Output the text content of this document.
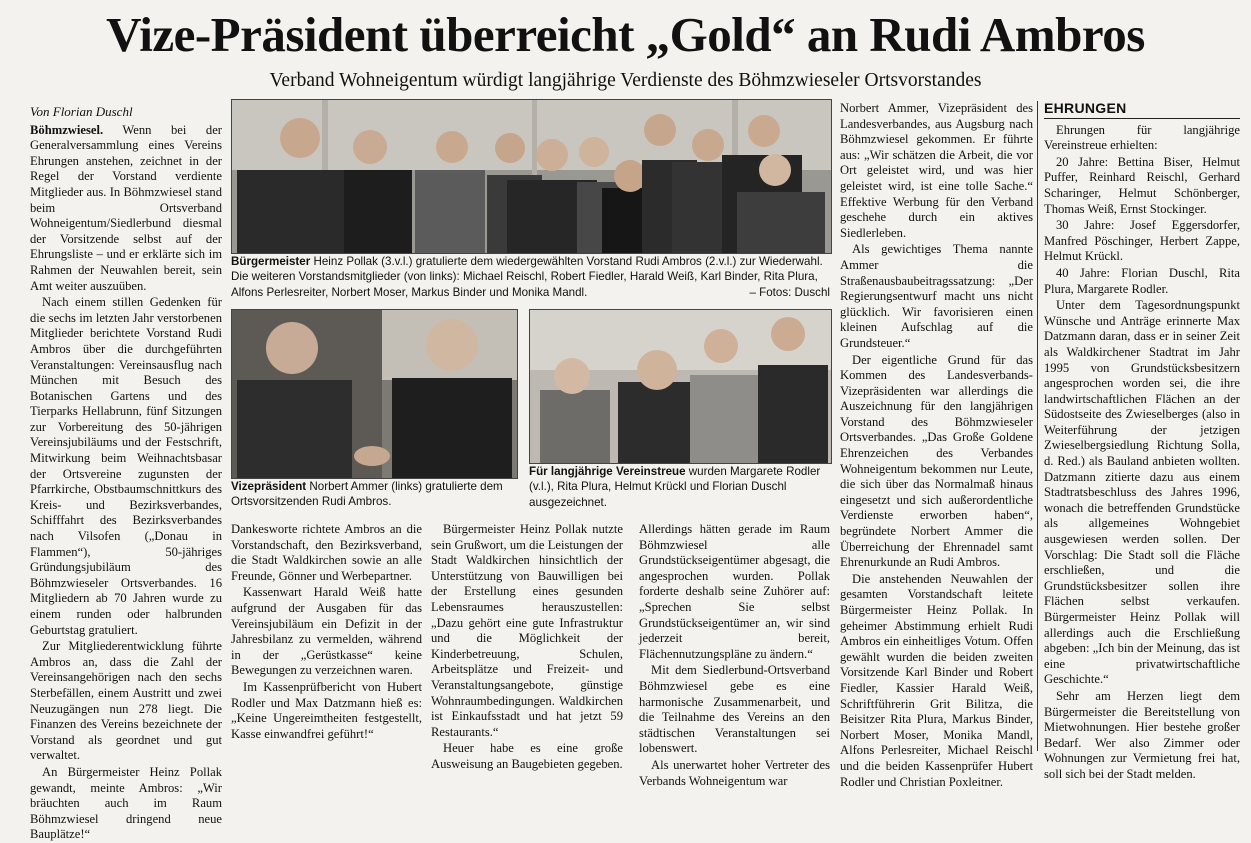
Vize-Präsident überreicht „Gold“ an Rudi Ambros
Verband Wohneigentum würdigt langjährige Verdienste des Böhmzwieseler Ortsvorstandes

Von Florian Duschl

Böhmzwiesel. Wenn bei der Generalversammlung eines Vereins Ehrungen anstehen, zeichnet in der Regel der Vorstand verdiente Mitglieder aus. In Böhmzwiesel stand beim Ortsverband Wohneigentum/Siedlerbund diesmal der Vorsitzende selbst auf der Ehrungsliste – und er erklärte sich im Rahmen der Neuwahlen bereit, sein Amt weiter auszuüben.

Nach einem stillen Gedenken für die sechs im letzten Jahr verstorbenen Mitglieder berichtete Vorstand Rudi Ambros über die durchgeführten Veranstaltungen: Vereinsausflug nach München mit Besuch des Botanischen Gartens und des Tierparks Hellabrunn, fünf Sitzungen zur Vorbereitung des 50-jährigen Vereinsjubiläums und der Festschrift, Mitwirkung beim Weihnachtsbasar der Ortsvereine zugunsten der Pfarrkirche, Obstbaumschnittkurs des Kreis- und Bezirksverbandes, Schifffahrt des Bezirksverbandes nach Vilsofen („Donau in Flammen“), 50-jähriges Gründungsjubiläum des Böhmzwieseler Ortsverbandes. 16 Mitgliedern ab 70 Jahren wurde zu einem runden oder halbrunden Geburtstag gratuliert.

Zur Mitgliederentwicklung führte Ambros an, dass die Zahl der Vereinsangehörigen nach den sechs Sterbefällen, einem Austritt und zwei Neuzugängen nun 278 liegt. Die Finanzen des Vereins bezeichnete der Vorstand als geordnet und gut verwaltet.

An Bürgermeister Heinz Pollak gewandt, meinte Ambros: „Wir bräuchten auch im Raum Böhmzwiesel dringend neue Bauplätze!“

Bürgermeister Heinz Pollak (3.v.l.) gratulierte dem wiedergewählten Vorstand Rudi Ambros (2.v.l.) zur Wiederwahl. Die weiteren Vorstandsmitglieder (von links): Michael Reischl, Robert Fiedler, Harald Weiß, Karl Binder, Rita Plura, Alfons Perlesreiter, Norbert Moser, Markus Binder und Monika Mandl.	– Fotos: Duschl
Vizepräsident Norbert Ammer (links) gratulierte dem Ortsvorsitzenden Rudi Ambros.
Für langjährige Vereinstreue wurden Margarete Rodler (v.l.), Rita Plura, Helmut Krückl und Florian Duschl ausgezeichnet.

Dankesworte richtete Ambros an die Vorstandschaft, den Bezirksverband, die Stadt Waldkirchen sowie an alle Freunde, Gönner und Werbepartner.

Kassenwart Harald Weiß hatte aufgrund der Ausgaben für das Vereinsjubiläum ein Defizit in der Jahresbilanz zu vermelden, während in der „Gerüstkasse“ keine Bewegungen zu verzeichnen waren.

Im Kassenprüfbericht von Hubert Rodler und Max Datzmann hieß es: „Keine Ungereimtheiten festgestellt, Kasse einwandfrei geführt!“

Bürgermeister Heinz Pollak nutzte sein Grußwort, um die Leistungen der Stadt Waldkirchen hinsichtlich der Unterstützung von Bauwilligen bei der Erstellung eines gesunden Lebensraumes herauszustellen: „Dazu gehört eine gute Infrastruktur und die Möglichkeit der Kinderbetreuung, Schulen, Arbeitsplätze und Freizeit- und Veranstaltungsangebote, günstige Wohnraumbedingungen. Waldkirchen ist Einkaufsstadt und hat jetzt 59 Restaurants.“

Heuer habe es eine große Ausweisung an Baugebieten gegeben.

Allerdings hätten gerade im Raum Böhmzwiesel alle Grundstückseigentümer abgesagt, die angesprochen wurden. Pollak forderte deshalb seine Zuhörer auf: „Sprechen Sie selbst Grundstückseigentümer an, wir sind jederzeit bereit, Flächennutzungspläne zu ändern.“

Mit dem Siedlerbund-Ortsverband Böhmzwiesel gebe es eine harmonische Zusammenarbeit, und die Teilnahme des Vereins an den städtischen Veranstaltungen sei lobenswert.

Als unerwartet hoher Vertreter des Verbands Wohneigentum war

Norbert Ammer, Vizepräsident des Landesverbandes, aus Augsburg nach Böhmzwiesel gekommen. Er führte aus: „Wir schätzen die Arbeit, die vor Ort geleistet wird, und was hier geleistet wird, ist eine tolle Sache.“ Effektive Werbung für den Verband geschehe durch ein aktives Siedlerleben.

Als gewichtiges Thema nannte Ammer die Straßenausbaubeitragssatzung: „Der Regierungsentwurf macht uns nicht glücklich. Wir favorisieren einen kleinen Aufschlag auf die Grundsteuer.“

Der eigentliche Grund für das Kommen des Landesverbands-Vizepräsidenten war allerdings die Auszeichnung für den langjährigen Vorstand des Böhmzwieseler Ortsverbandes. „Das Große Goldene Ehrenzeichen des Verbandes Wohneigentum bekommen nur Leute, die sich über das Normalmaß hinaus eingesetzt und sich außerordentliche Verdienste erworben haben“, begründete Norbert Ammer die Überreichung der Ehrennadel samt Ehrenurkunde an Rudi Ambros.

Die anstehenden Neuwahlen der gesamten Vorstandschaft leitete Bürgermeister Heinz Pollak. In geheimer Abstimmung erhielt Rudi Ambros ein einheitliges Votum. Offen gewählt wurden die beiden zweiten Vorsitzende Karl Binder und Robert Fiedler, Kassier Harald Weiß, Schriftführerin Grit Bilitza, die Beisitzer Rita Plura, Markus Binder, Norbert Moser, Monika Mandl, Alfons Perlesreiter, Michael Reischl und die beiden Kassenprüfer Hubert Rodler und Christian Poxleitner.

EHRUNGEN

Ehrungen für langjährige Vereinstreue erhielten:

20 Jahre: Bettina Biser, Helmut Puffer, Reinhard Reischl, Gerhard Scharinger, Helmut Schönberger, Thomas Weiß, Ernst Stockinger.

30 Jahre: Josef Eggersdorfer, Manfred Pöschinger, Herbert Zappe, Helmut Krückl.

40 Jahre: Florian Duschl, Rita Plura, Margarete Rodler.

Unter dem Tagesordnungspunkt Wünsche und Anträge erinnerte Max Datzmann daran, dass er in seiner Zeit als Waldkirchener Stadtrat im Jahr 1995 von Grundstücksbesitzern angesprochen worden sei, die ihre landwirtschaftlichen Flächen an der Südostseite des Zwieselberges (also in Weiterführung der jetzigen Zwieselbergsiedlung Richtung Solla, d. Red.) als Bauland anbieten wollten. Datzmann zitierte dazu aus einem Stadtratsbeschluss des Jahres 1996, wonach die betreffenden Grundstücke als allgemeines Wohngebiet ausgewiesen werden sollen. Der Vorschlag: Die Stadt soll die Fläche erschließen, und die Grundstücksbesitzer sollen ihre Flächen selbst verkaufen. Bürgermeister Heinz Pollak will allerdings auch die Erschließung abgeben: „Ich bin der Meinung, das ist eine privatwirtschaftliche Geschichte.“

Sehr am Herzen liegt dem Bürgermeister die Bereitstellung von Mietwohnungen. Hier bestehe großer Bedarf. Wer also Zimmer oder Wohnungen zur Vermietung frei hat, soll sich bei der Stadt melden.
